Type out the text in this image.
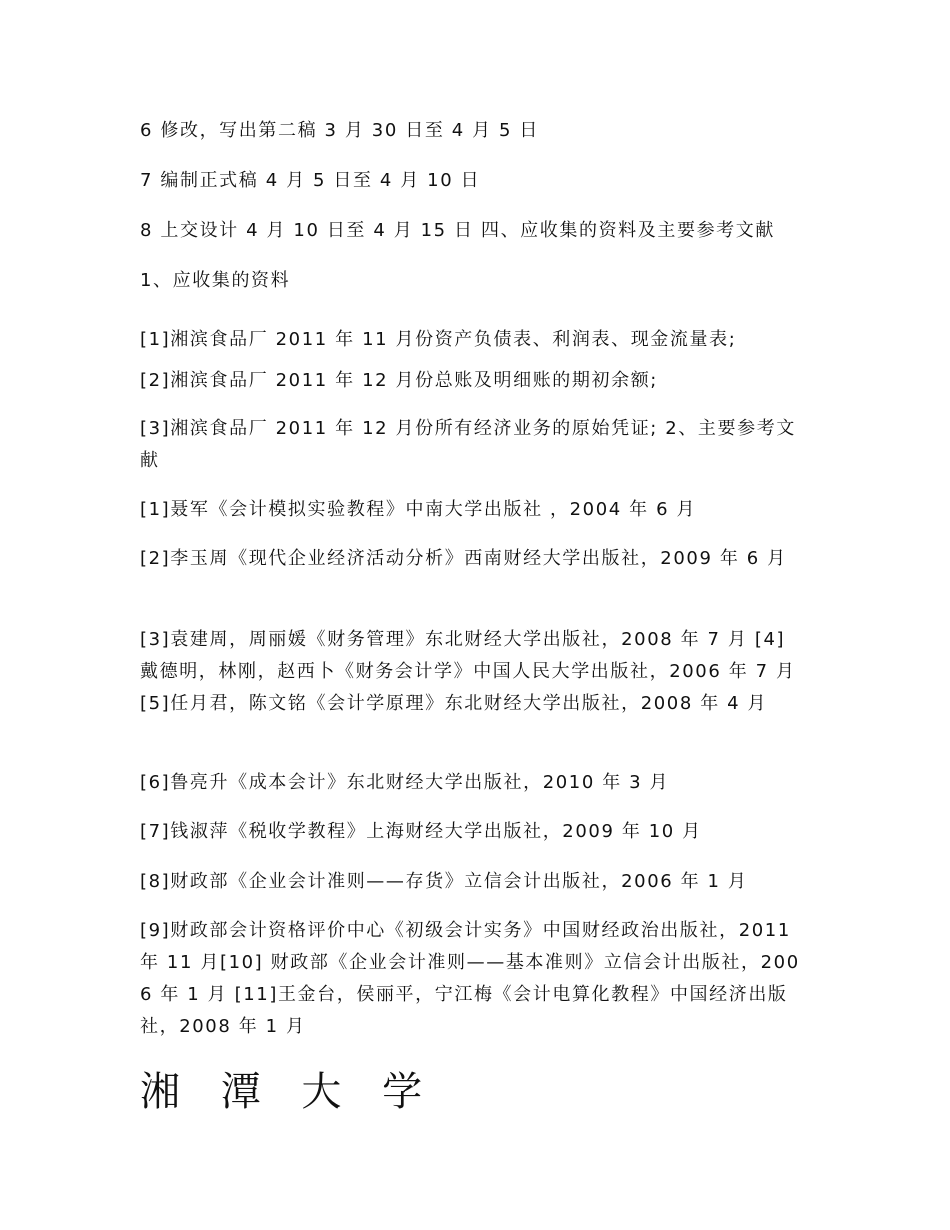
6 修改，写出第二稿 3 月 30 日至 4 月 5 日

7 编制正式稿 4 月 5 日至 4 月 10 日

8 上交设计 4 月 10 日至 4 月 15 日 四、应收集的资料及主要参考文献

1、应收集的资料

[1]湘滨食品厂 2011 年 11 月份资产负债表、利润表、现金流量表;

[2]湘滨食品厂 2011 年 12 月份总账及明细账的期初余额;

[3]湘滨食品厂 2011 年 12 月份所有经济业务的原始凭证; 2、主要参考文献

[1]聂军《会计模拟实验教程》中南大学出版社 ，2004 年 6 月

[2]李玉周《现代企业经济活动分析》西南财经大学出版社，2009 年 6 月

[3]袁建周，周丽媛《财务管理》东北财经大学出版社，2008 年 7 月 [4]戴德明，林刚，赵西卜《财务会计学》中国人民大学出版社，2006 年 7 月 [5]任月君，陈文铭《会计学原理》东北财经大学出版社，2008 年 4 月

[6]鲁亮升《成本会计》东北财经大学出版社，2010 年 3 月

[7]钱淑萍《税收学教程》上海财经大学出版社，2009 年 10 月

[8]财政部《企业会计准则——存货》立信会计出版社，2006 年 1 月

[9]财政部会计资格评价中心《初级会计实务》中国财经政治出版社，2011 年 11 月[10] 财政部《企业会计准则——基本准则》立信会计出版社，2006 年 1 月 [11]王金台，侯丽平，宁江梅《会计电算化教程》中国经济出版社，2008 年 1 月

湘 潭 大 学
